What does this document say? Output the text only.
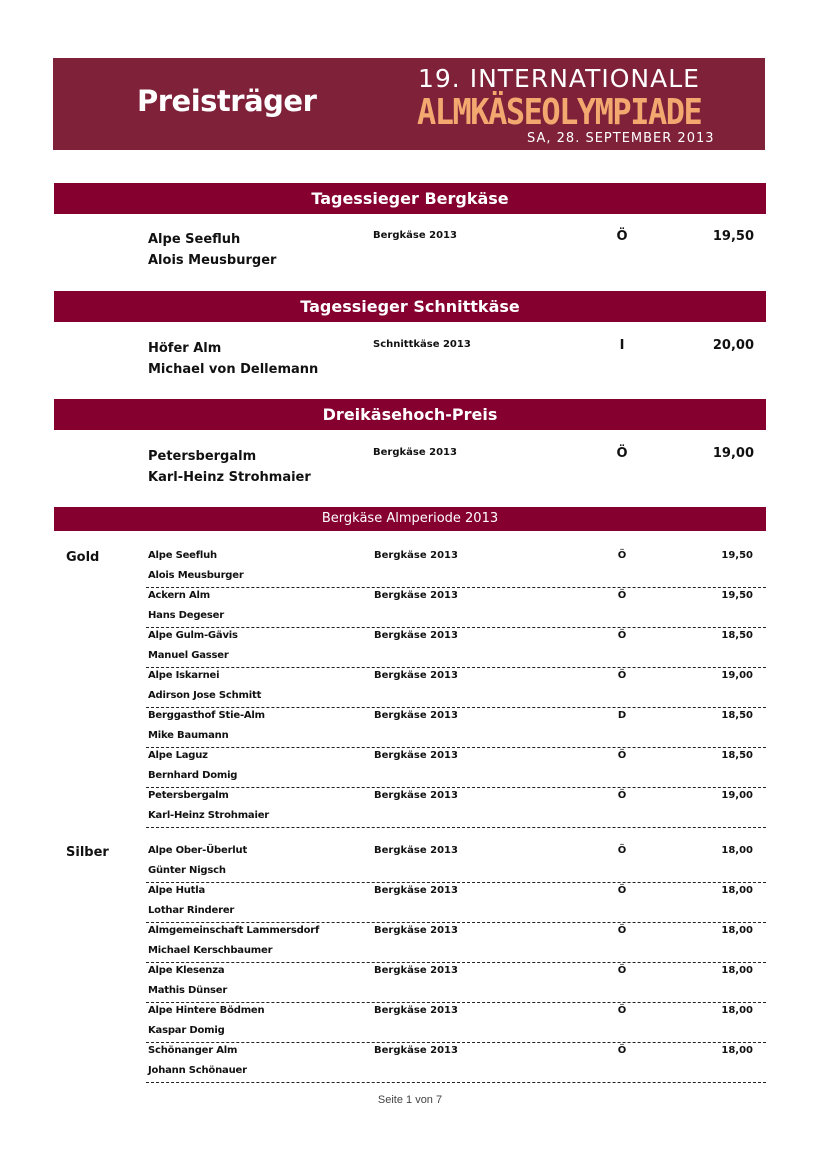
Preisträger
19. INTERNATIONALE
ALMKÄSEOLYMPIADE
SA, 28. SEPTEMBER 2013
Tagessieger Bergkäse
Alpe Seefluh
Alois Meusburger
Bergkäse 2013	Ö	19,50
Tagessieger Schnittkäse
Höfer Alm
Michael von Dellemann
Schnittkäse 2013	I	20,00
Dreikäsehoch-Preis
Petersbergalm
Karl-Heinz Strohmaier
Bergkäse 2013	Ö	19,00
Bergkäse Almperiode 2013
Gold	Alpe Seefluh
Alois Meusburger
Bergkäse 2013	Ö	19,50
Ackern Alm
Hans Degeser
Bergkäse 2013	Ö	19,50
Alpe Gulm-Gävis
Manuel Gasser
Bergkäse 2013	Ö	18,50
Alpe Iskarnei
Adirson Jose Schmitt
Bergkäse 2013	Ö	19,00
Berggasthof Stie-Alm
Mike Baumann
Bergkäse 2013	D	18,50
Alpe Laguz
Bernhard Domig
Bergkäse 2013	Ö	18,50
Petersbergalm
Karl-Heinz Strohmaier
Bergkäse 2013	Ö	19,00
Silber	Alpe Ober-Überlut
Günter Nigsch
Bergkäse 2013	Ö	18,00
Alpe Hutla
Lothar Rinderer
Bergkäse 2013	Ö	18,00
Almgemeinschaft Lammersdorf
Michael Kerschbaumer
Bergkäse 2013	Ö	18,00
Alpe Klesenza
Mathis Dünser
Bergkäse 2013	Ö	18,00
Alpe Hintere Bödmen
Kaspar Domig
Bergkäse 2013	Ö	18,00
Schönanger Alm
Johann Schönauer
Bergkäse 2013	Ö	18,00
Seite 1 von 7
